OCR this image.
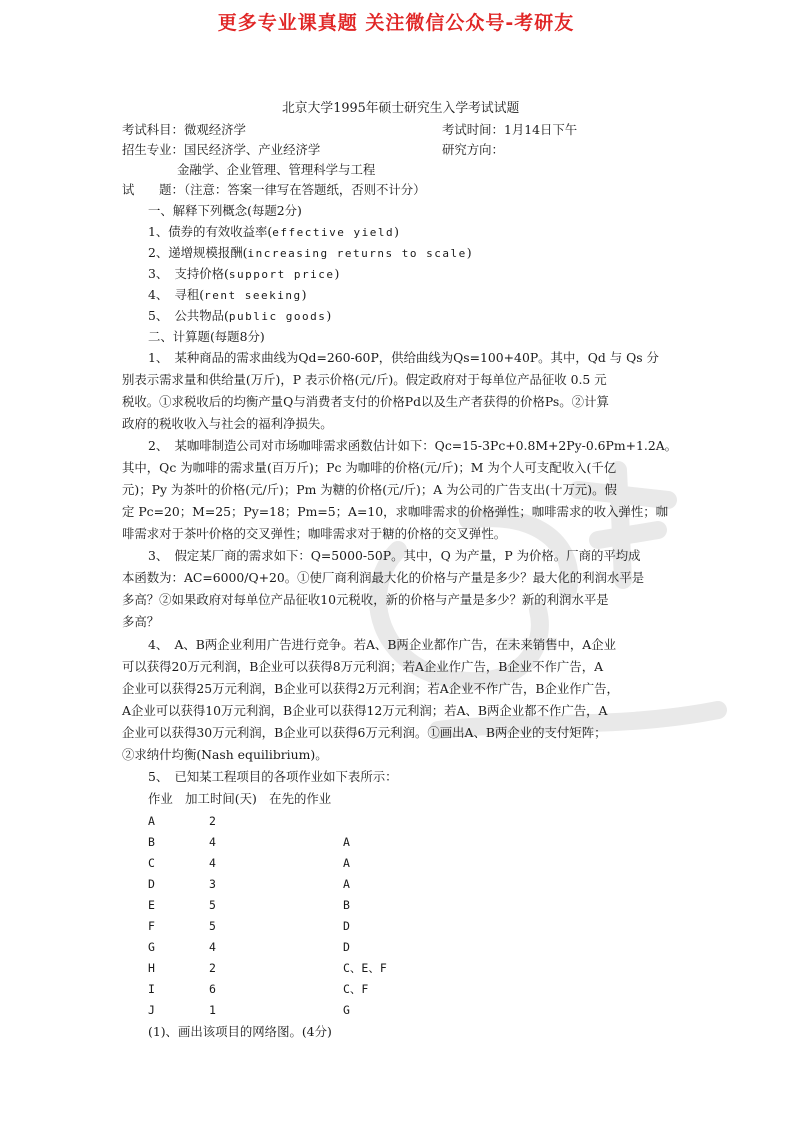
更多专业课真题 关注微信公众号-考研友
…
北京大学1995年硕士研究生入学考试试题
考试科目：微观经济学	考试时间：1月14日下午
招生专业：国民经济学、产业经济学	研究方向：
金融学、企业管理、管理科学与工程
试　　题：（注意：答案一律写在答题纸，否则不计分）
一、解释下列概念(每题2分)
1、债券的有效收益率(effective yield)
2、递增规模报酬(increasing returns to scale)
3、　支持价格(support price)
4、　寻租(rent seeking)
5、　公共物品(public goods)
二、计算题(每题8分)
1、　某种商品的需求曲线为Qd=260-60P，供给曲线为Qs=100+40P。其中，Qd 与 Qs 分
别表示需求量和供给量(万斤)，P 表示价格(元/斤)。假定政府对于每单位产品征收 0.5 元
税收。①求税收后的均衡产量Q与消费者支付的价格Pd以及生产者获得的价格Ps。②计算
政府的税收收入与社会的福利净损失。
2、　某咖啡制造公司对市场咖啡需求函数估计如下：Qc=15-3Pc+0.8M+2Py-0.6Pm+1.2A。
其中，Qc 为咖啡的需求量(百万斤)；Pc 为咖啡的价格(元/斤)；M 为个人可支配收入(千亿
元)；Py 为茶叶的价格(元/斤)；Pm 为糖的价格(元/斤)；A 为公司的广告支出(十万元)。假
定 Pc=20；M=25；Py=18；Pm=5；A=10，求咖啡需求的价格弹性；咖啡需求的收入弹性；咖
啡需求对于茶叶价格的交叉弹性；咖啡需求对于糖的价格的交叉弹性。
3、　假定某厂商的需求如下：Q=5000-50P。其中，Q 为产量，P 为价格。厂商的平均成
本函数为：AC=6000/Q+20。①使厂商利润最大化的价格与产量是多少？最大化的利润水平是
多高？②如果政府对每单位产品征收10元税收，新的价格与产量是多少？新的利润水平是
多高？
4、　A、B两企业利用广告进行竞争。若A、B两企业都作广告，在未来销售中，A企业
可以获得20万元利润，B企业可以获得8万元利润；若A企业作广告，B企业不作广告，A
企业可以获得25万元利润，B企业可以获得2万元利润；若A企业不作广告，B企业作广告，
A企业可以获得10万元利润，B企业可以获得12万元利润；若A、B两企业都不作广告，A
企业可以获得30万元利润，B企业可以获得6万元利润。①画出A、B两企业的支付矩阵；
②求纳什均衡(Nash equilibrium)。
5、　已知某工程项目的各项作业如下表所示：
作业　加工时间(天)　在先的作业
A	2
B	4	A
C	4	A
D	3	A
E	5	B
F	5	D
G	4	D
H	2	C、E、F
I	6	C、F
J	1	G
(1)、画出该项目的网络图。(4分)
